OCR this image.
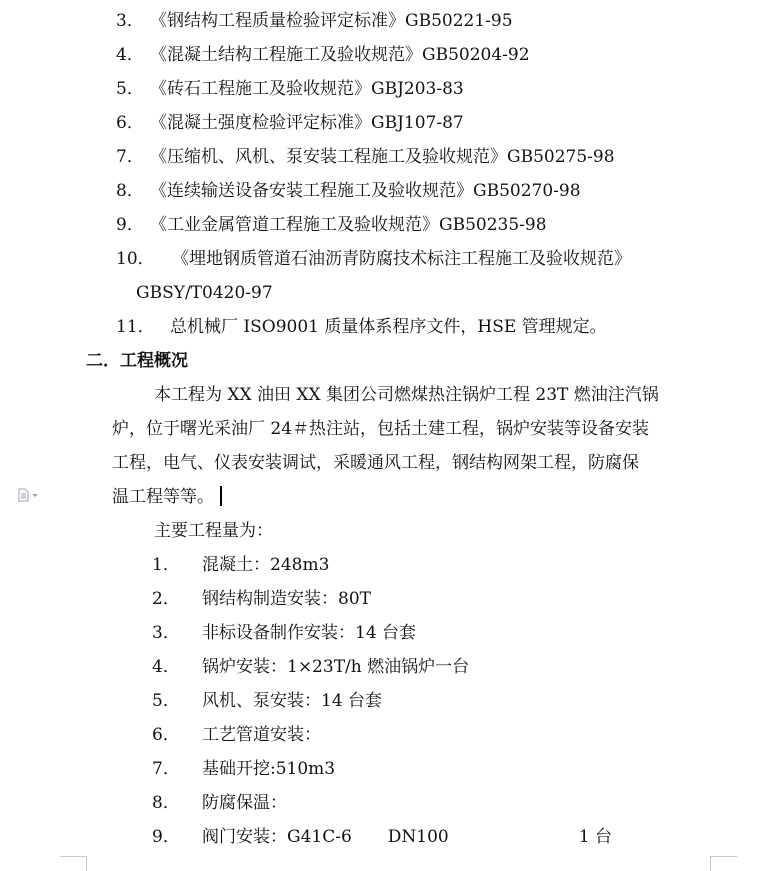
3． 《钢结构工程质量检验评定标准》GB50221-95
4． 《混凝土结构工程施工及验收规范》GB50204-92
5． 《砖石工程施工及验收规范》GBJ203-83
6． 《混凝土强度检验评定标准》GBJ107-87
7． 《压缩机、风机、泵安装工程施工及验收规范》GB50275-98
8． 《连续输送设备安装工程施工及验收规范》GB50270-98
9． 《工业金属管道工程施工及验收规范》GB50235-98
10． 《埋地钢质管道石油沥青防腐技术标注工程施工及验收规范》
GBSY/T0420-97
11． 总机械厂 ISO9001 质量体系程序文件，HSE 管理规定。
二．工程概况
本工程为 XX 油田 XX 集团公司燃煤热注锅炉工程 23T 燃油注汽锅
炉，位于曙光采油厂 24＃热注站，包括土建工程，锅炉安装等设备安装
工程，电气、仪表安装调试，采暖通风工程，钢结构网架工程，防腐保
温工程等等。
主要工程量为：
1． 混凝土：248m3
2． 钢结构制造安装：80T
3． 非标设备制作安装：14 台套
4． 锅炉安装：1×23T/h 燃油锅炉一台
5． 风机、泵安装：14 台套
6． 工艺管道安装：
7． 基础开挖:510m3
8． 防腐保温：
9． 阀门安装：G41C-6 DN100	1 台
